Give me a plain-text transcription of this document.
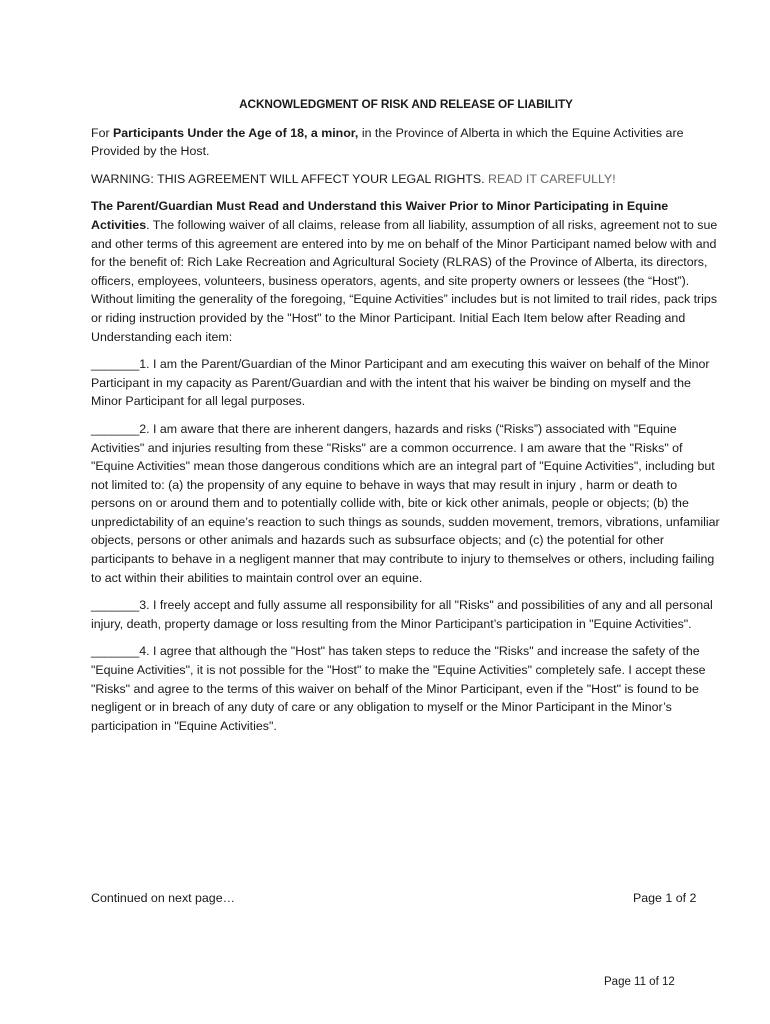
ACKNOWLEDGMENT OF RISK AND RELEASE OF LIABILITY

For Participants Under the Age of 18, a minor, in the Province of Alberta in which the Equine Activities are Provided by the Host.

WARNING: THIS AGREEMENT WILL AFFECT YOUR LEGAL RIGHTS. READ IT CAREFULLY!

The Parent/Guardian Must Read and Understand this Waiver Prior to Minor Participating in Equine Activities. The following waiver of all claims, release from all liability, assumption of all risks, agreement not to sue and other terms of this agreement are entered into by me on behalf of the Minor Participant named below with and for the benefit of: Rich Lake Recreation and Agricultural Society (RLRAS) of the Province of Alberta, its directors, officers, employees, volunteers, business operators, agents, and site property owners or lessees (the “Host”). Without limiting the generality of the foregoing, “Equine Activities” includes but is not limited to trail rides, pack trips or riding instruction provided by the "Host" to the Minor Participant. Initial Each Item below after Reading and Understanding each item:

_______1. I am the Parent/Guardian of the Minor Participant and am executing this waiver on behalf of the Minor Participant in my capacity as Parent/Guardian and with the intent that his waiver be binding on myself and the Minor Participant for all legal purposes.

_______2. I am aware that there are inherent dangers, hazards and risks (“Risks”) associated with "Equine Activities" and injuries resulting from these "Risks" are a common occurrence. I am aware that the "Risks" of "Equine Activities" mean those dangerous conditions which are an integral part of "Equine Activities", including but not limited to: (a) the propensity of any equine to behave in ways that may result in injury , harm or death to persons on or around them and to potentially collide with, bite or kick other animals, people or objects; (b) the unpredictability of an equine’s reaction to such things as sounds, sudden movement, tremors, vibrations, unfamiliar objects, persons or other animals and hazards such as subsurface objects; and (c) the potential for other participants to behave in a negligent manner that may contribute to injury to themselves or others, including failing to act within their abilities to maintain control over an equine.

_______3. I freely accept and fully assume all responsibility for all "Risks" and possibilities of any and all personal injury, death, property damage or loss resulting from the Minor Participant’s participation in "Equine Activities".

_______4. I agree that although the "Host" has taken steps to reduce the "Risks" and increase the safety of the "Equine Activities", it is not possible for the "Host" to make the "Equine Activities" completely safe. I accept these "Risks" and agree to the terms of this waiver on behalf of the Minor Participant, even if the "Host" is found to be negligent or in breach of any duty of care or any obligation to myself or the Minor Participant in the Minor’s participation in "Equine Activities".

Continued on next page…	Page 1 of 2
Page 11 of 12
